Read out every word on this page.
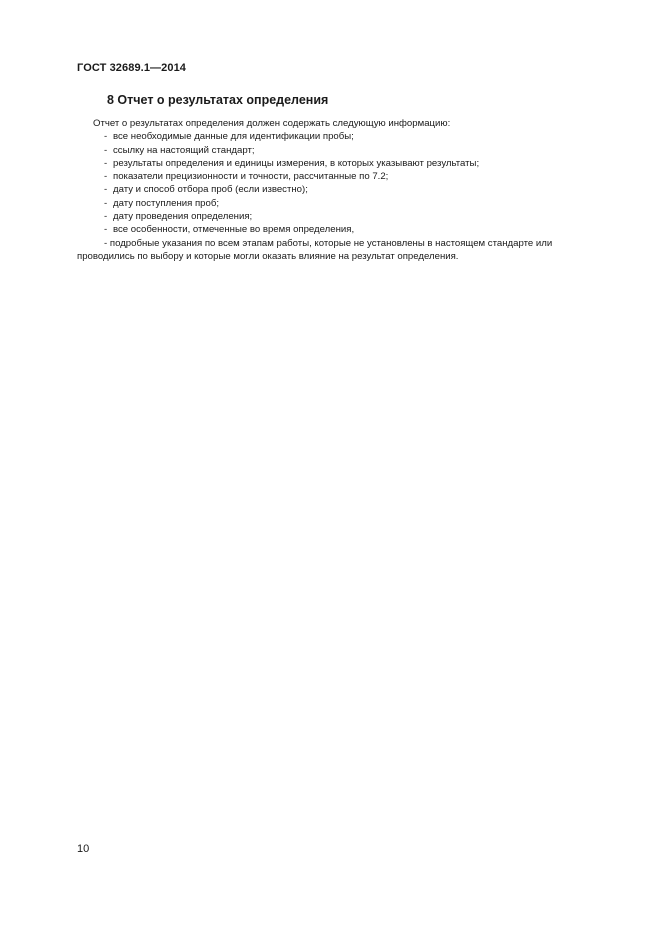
ГОСТ 32689.1—2014
8 Отчет о результатах определения

Отчет о результатах определения должен содержать следующую информацию:

- все необходимые данные для идентификации пробы;
- ссылку на настоящий стандарт;
- результаты определения и единицы измерения, в которых указывают результаты;
- показатели прецизионности и точности, рассчитанные по 7.2;
- дату и способ отбора проб (если известно);
- дату поступления проб;
- дату проведения определения;
- все особенности, отмеченные во время определения,
- подробные указания по всем этапам работы, которые не установлены в настоящем стандарте или проводились по выбору и которые могли оказать влияние на результат определения.
10
